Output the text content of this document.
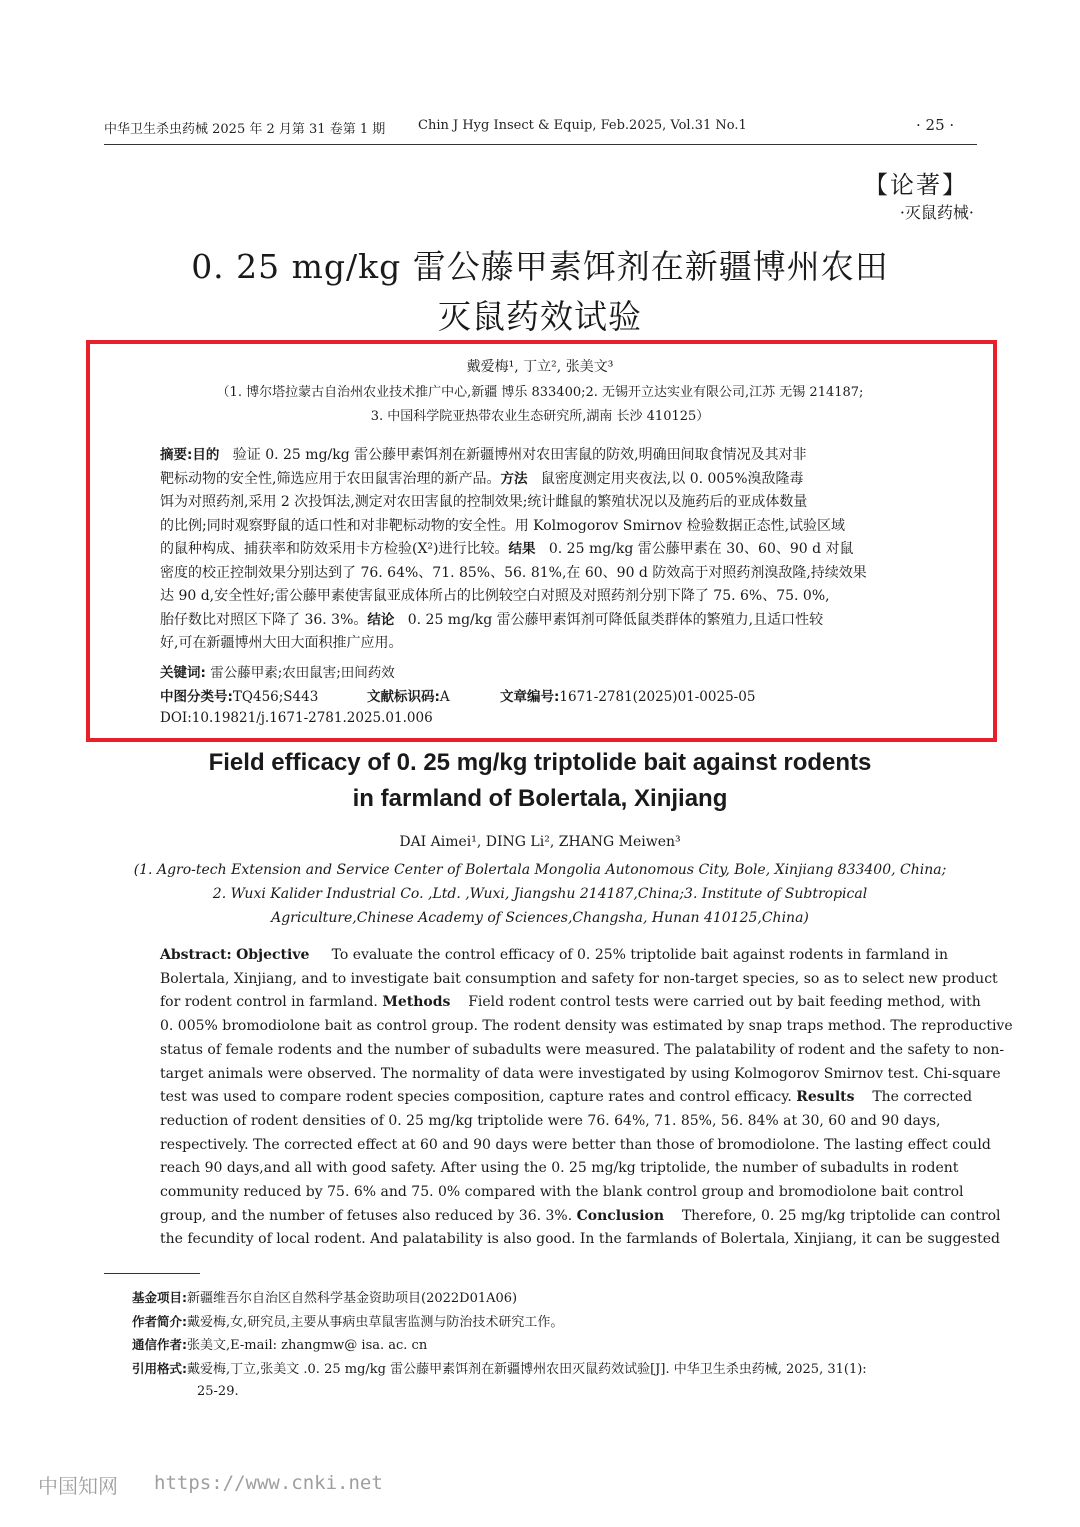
中华卫生杀虫药械 2025 年 2 月第 31 卷第 1 期	Chin J Hyg Insect & Equip, Feb.2025, Vol.31 No.1	· 25 ·
【论著】
·灭鼠药械·
0. 25 mg/kg 雷公藤甲素饵剂在新疆博州农田
灭鼠药效试验
戴爱梅¹, 丁立², 张美文³
（1. 博尔塔拉蒙古自治州农业技术推广中心,新疆 博乐 833400;2. 无锡开立达实业有限公司,江苏 无锡 214187;
3. 中国科学院亚热带农业生态研究所,湖南 长沙 410125）
摘要:目的 验证 0. 25 mg/kg 雷公藤甲素饵剂在新疆博州对农田害鼠的防效,明确田间取食情况及其对非
靶标动物的安全性,筛选应用于农田鼠害治理的新产品。方法 鼠密度测定用夹夜法,以 0. 005%溴敌隆毒
饵为对照药剂,采用 2 次投饵法,测定对农田害鼠的控制效果;统计雌鼠的繁殖状况以及施药后的亚成体数量
的比例;同时观察野鼠的适口性和对非靶标动物的安全性。用 Kolmogorov Smirnov 检验数据正态性,试验区域
的鼠种构成、捕获率和防效采用卡方检验(X²)进行比较。结果 0. 25 mg/kg 雷公藤甲素在 30、60、90 d 对鼠
密度的校正控制效果分别达到了 76. 64%、71. 85%、56. 81%,在 60、90 d 防效高于对照药剂溴敌隆,持续效果
达 90 d,安全性好;雷公藤甲素使害鼠亚成体所占的比例较空白对照及对照药剂分别下降了 75. 6%、75. 0%,
胎仔数比对照区下降了 36. 3%。结论 0. 25 mg/kg 雷公藤甲素饵剂可降低鼠类群体的繁殖力,且适口性较
好,可在新疆博州大田大面积推广应用。
关键词: 雷公藤甲素;农田鼠害;田间药效
中图分类号:TQ456;S443	文献标识码:A	文章编号:1671-2781(2025)01-0025-05
DOI:10.19821/j.1671-2781.2025.01.006
Field efficacy of 0. 25 mg/kg triptolide bait against rodents
in farmland of Bolertala, Xinjiang
DAI Aimei¹, DING Li², ZHANG Meiwen³
(1. Agro-tech Extension and Service Center of Bolertala Mongolia Autonomous City, Bole, Xinjiang 833400, China;
2. Wuxi Kalider Industrial Co. ,Ltd. ,Wuxi, Jiangshu 214187,China;3. Institute of Subtropical
Agriculture,Chinese Academy of Sciences,Changsha, Hunan 410125,China)
Abstract: Objective To evaluate the control efficacy of 0. 25% triptolide bait against rodents in farmland in
Bolertala, Xinjiang, and to investigate bait consumption and safety for non-target species, so as to select new product
for rodent control in farmland. Methods Field rodent control tests were carried out by bait feeding method, with
0. 005% bromodiolone bait as control group. The rodent density was estimated by snap traps method. The reproductive
status of female rodents and the number of subadults were measured. The palatability of rodent and the safety to non-
target animals were observed. The normality of data were investigated by using Kolmogorov Smirnov test. Chi-square
test was used to compare rodent species composition, capture rates and control efficacy. Results The corrected
reduction of rodent densities of 0. 25 mg/kg triptolide were 76. 64%, 71. 85%, 56. 84% at 30, 60 and 90 days,
respectively. The corrected effect at 60 and 90 days were better than those of bromodiolone. The lasting effect could
reach 90 days,and all with good safety. After using the 0. 25 mg/kg triptolide, the number of subadults in rodent
community reduced by 75. 6% and 75. 0% compared with the blank control group and bromodiolone bait control
group, and the number of fetuses also reduced by 36. 3%. Conclusion Therefore, 0. 25 mg/kg triptolide can control
the fecundity of local rodent. And palatability is also good. In the farmlands of Bolertala, Xinjiang, it can be suggested
基金项目:新疆维吾尔自治区自然科学基金资助项目(2022D01A06)
作者简介:戴爱梅,女,研究员,主要从事病虫草鼠害监测与防治技术研究工作。
通信作者:张美文,E-mail: zhangmw@ isa. ac. cn
引用格式:戴爱梅,丁立,张美文 .0. 25 mg/kg 雷公藤甲素饵剂在新疆博州农田灭鼠药效试验[J]. 中华卫生杀虫药械, 2025, 31(1):
25-29.
中国知网 https://www.cnki.net
